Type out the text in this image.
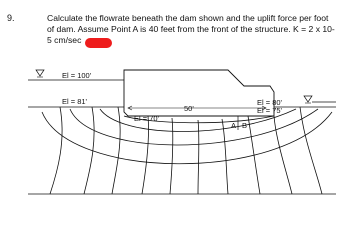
9.	Calculate the flowrate beneath the dam shown and the uplift force per foot
of dam. Assume Point A is 40 feet from the front of the structure. K = 2 x 10-
5 cm/sec
El = 100'
El = 81'
El = 70'
50'
El = 80'
El = 75'
A B
